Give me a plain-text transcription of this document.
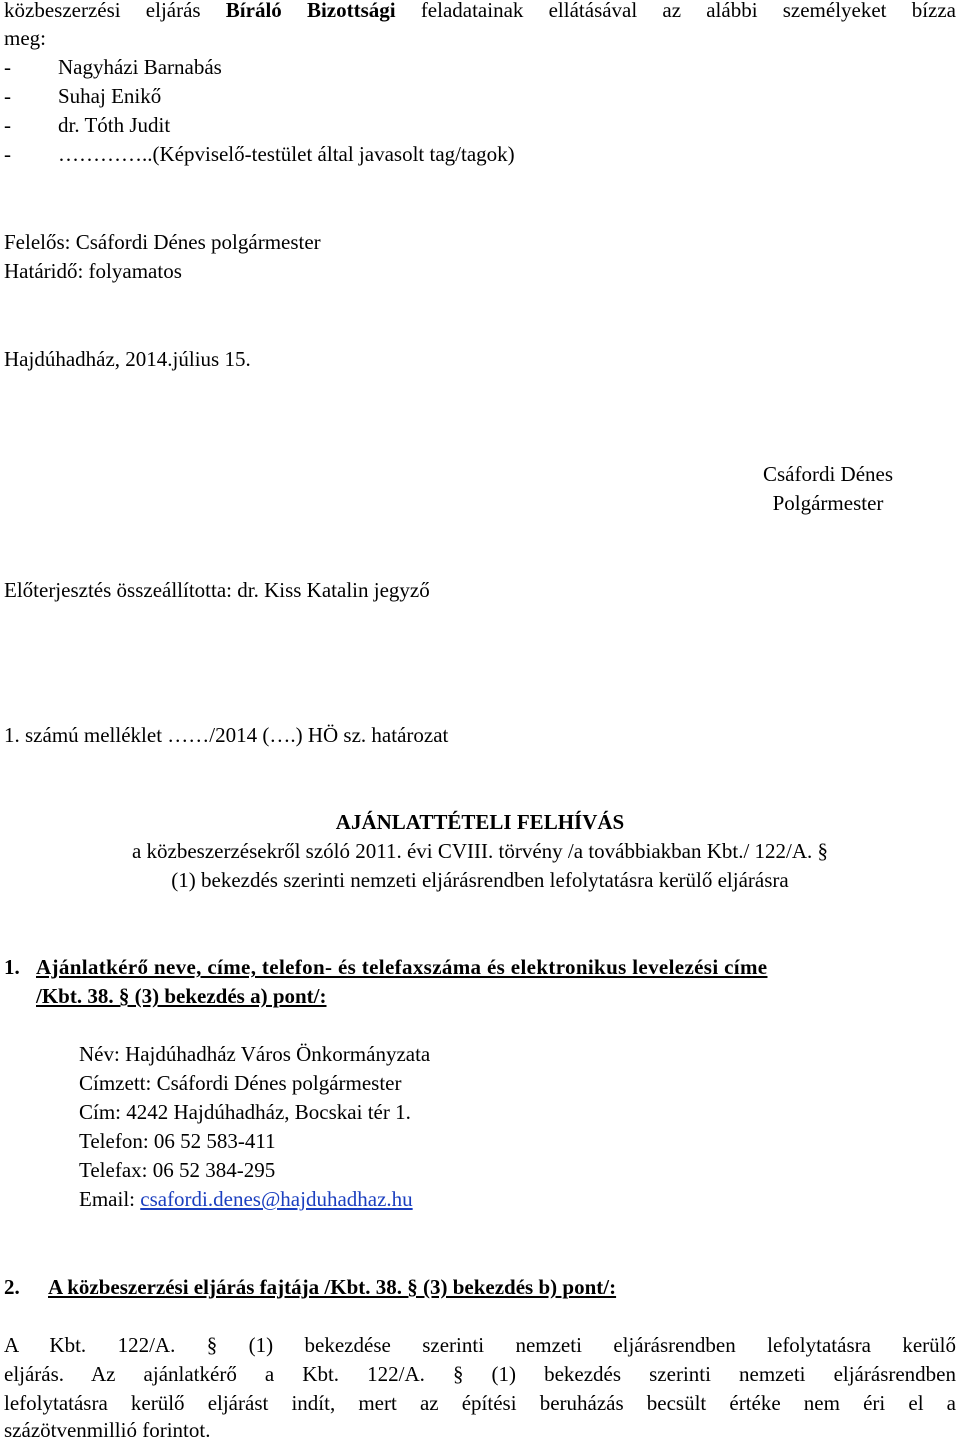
közbeszerzési eljárás Bíráló Bizottsági feladatainak ellátásával az alábbi személyeket bízza
meg:
- Nagyházi Barnabás
- Suhaj Enikő
- dr. Tóth Judit
- …………..(Képviselő-testület által javasolt tag/tagok)
Felelős: Csáfordi Dénes polgármester
Határidő: folyamatos
Hajdúhadház, 2014.július 15.
Csáfordi Dénes
Polgármester
Előterjesztés összeállította: dr. Kiss Katalin jegyző
1. számú melléklet ……/2014 (….) HÖ sz. határozat
AJÁNLATTÉTELI FELHÍVÁS
a közbeszerzésekről szóló 2011. évi CVIII. törvény /a továbbiakban Kbt./ 122/A. §
(1) bekezdés szerinti nemzeti eljárásrendben lefolytatásra kerülő eljárásra
1. Ajánlatkérő neve, címe, telefon- és telefaxszáma és elektronikus levelezési címe
/Kbt. 38. § (3) bekezdés a) pont/:
Név: Hajdúhadház Város Önkormányzata
Címzett: Csáfordi Dénes polgármester
Cím: 4242 Hajdúhadház, Bocskai tér 1.
Telefon: 06 52 583-411
Telefax: 06 52 384-295
Email: csafordi.denes@hajduhadhaz.hu
2. A közbeszerzési eljárás fajtája /Kbt. 38. § (3) bekezdés b) pont/:
A Kbt. 122/A. § (1) bekezdése szerinti nemzeti eljárásrendben lefolytatásra kerülő
eljárás. Az ajánlatkérő a Kbt. 122/A. § (1) bekezdés szerinti nemzeti eljárásrendben
lefolytatásra kerülő eljárást indít, mert az építési beruházás becsült értéke nem éri el a
százötvenmillió forintot.
